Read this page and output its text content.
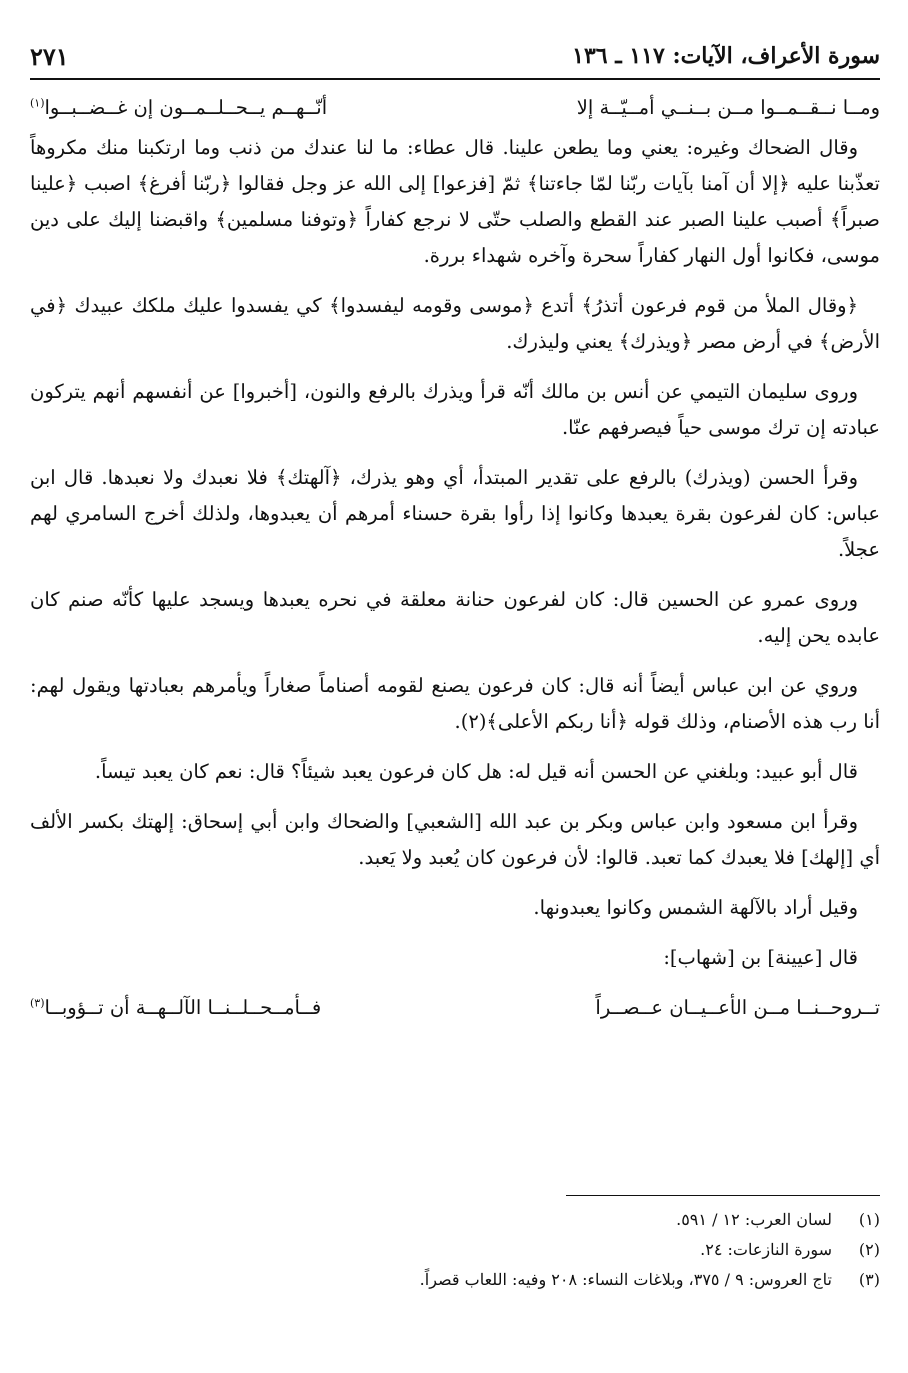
سورة الأعراف، الآيات: ١١٧ ـ ١٣٦
٢٧١
ومــا نــقــمــوا مــن بــنــي أمــيّــة إلا
أنّــهــم يــحــلــمــون إن غــضــبــوا$^{(١)}$

وقال الضحاك وغيره: يعني وما يطعن علينا. قال عطاء: ما لنا عندك من ذنب وما ارتكبنا منك مكروهاً تعذّبنا عليه ﴿إلا أن آمنا بآيات ربّنا لمّا جاءتنا﴾ ثمّ [فزعوا] إلى الله عز وجل فقالوا ﴿ربّنا أفرغ﴾ اصبب ﴿علينا صبراً﴾ أصبب علينا الصبر عند القطع والصلب حتّى لا نرجع كفاراً ﴿وتوفنا مسلمين﴾ واقبضنا إليك على دين موسى، فكانوا أول النهار كفاراً سحرة وآخره شهداء بررة.

﴿وقال الملأ من قوم فرعون أتذرُ﴾ أتدع ﴿موسى وقومه ليفسدوا﴾ كي يفسدوا عليك ملكك عبيدك ﴿في الأرض﴾ في أرض مصر ﴿ويذرك﴾ يعني وليذرك.

وروى سليمان التيمي عن أنس بن مالك أنّه قرأ ويذرك بالرفع والنون، [أخبروا] عن أنفسهم أنهم يتركون عبادته إن ترك موسى حياً فيصرفهم عنّا.

وقرأ الحسن (ويذرك) بالرفع على تقدير المبتدأ، أي وهو يذرك، ﴿آلهتك﴾ فلا نعبدك ولا نعبدها. قال ابن عباس: كان لفرعون بقرة يعبدها وكانوا إذا رأوا بقرة حسناء أمرهم أن يعبدوها، ولذلك أخرج السامري لهم عجلاً.

وروى عمرو عن الحسين قال: كان لفرعون حنانة معلقة في نحره يعبدها ويسجد عليها كأنّه صنم كان عابده يحن إليه.

وروي عن ابن عباس أيضاً أنه قال: كان فرعون يصنع لقومه أصناماً صغاراً ويأمرهم بعبادتها ويقول لهم: أنا رب هذه الأصنام، وذلك قوله ﴿أنا ربكم الأعلى﴾(٢).

قال أبو عبيد: وبلغني عن الحسن أنه قيل له: هل كان فرعون يعبد شيئاً؟ قال: نعم كان يعبد تيساً.

وقرأ ابن مسعود وابن عباس وبكر بن عبد الله [الشعبي] والضحاك وابن أبي إسحاق: إلهتك بكسر الألف أي [إلهك] فلا يعبدك كما تعبد. قالوا: لأن فرعون كان يُعبد ولا يَعبد.

وقيل أراد بالآلهة الشمس وكانوا يعبدونها.

قال [عيينة] بن [شهاب]:

تــروحــنــا مــن الأعــيــان عــصــراً
فــأمــحــلــنــا الآلــهــة أن تــؤوبــا$^{(٣)}$
(١)
لسان العرب: ١٢ / ٥٩١.
(٢)
سورة النازعات: ٢٤.
(٣)
تاج العروس: ٩ / ٣٧٥، وبلاغات النساء: ٢٠٨ وفيه: اللعاب قصراً.
